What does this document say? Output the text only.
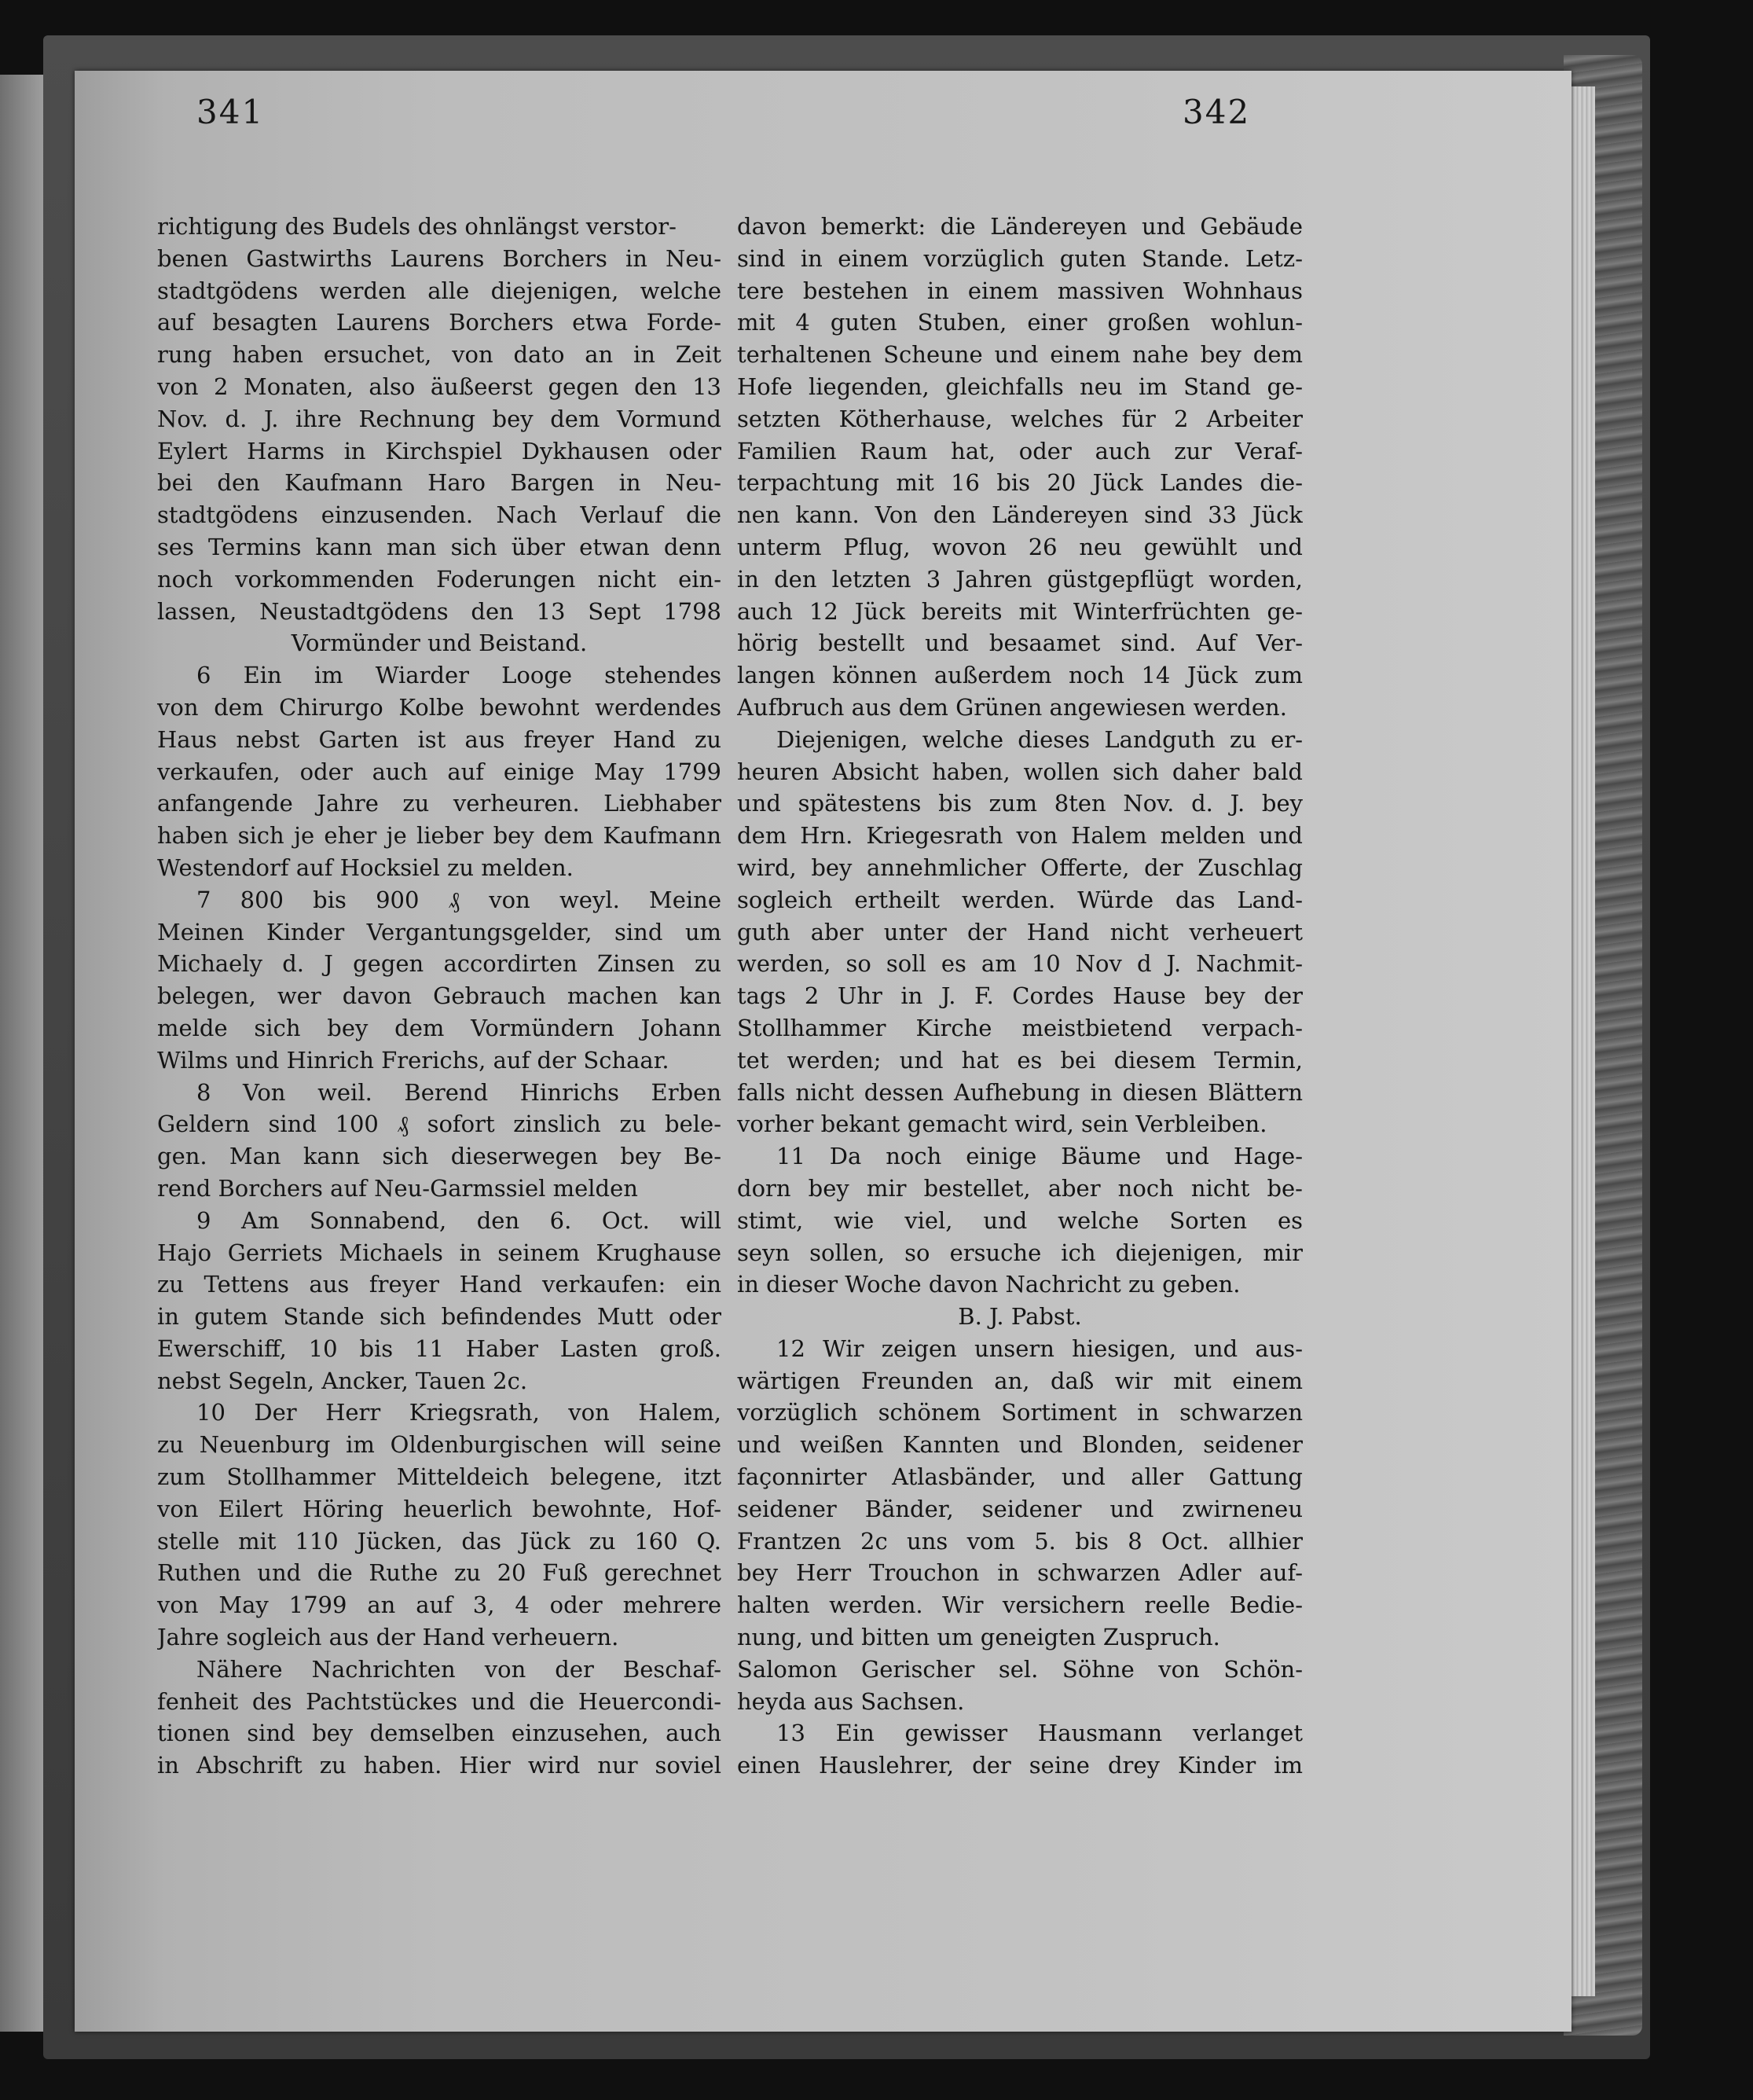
341	342
richtigung des Budels des ohnlängst verstor-
benen Gastwirths Laurens Borchers in Neu-
stadtgödens werden alle diejenigen, welche
auf besagten Laurens Borchers etwa Forde-
rung haben ersuchet, von dato an in Zeit
von 2 Monaten, also äußeerst gegen den 13
Nov. d. J. ihre Rechnung bey dem Vormund
Eylert Harms in Kirchspiel Dykhausen oder
bei den Kaufmann Haro Bargen in Neu-
stadtgödens einzusenden. Nach Verlauf die
ses Termins kann man sich über etwan denn
noch vorkommenden Foderungen nicht ein-
lassen, Neustadtgödens den 13 Sept 1798
Vormünder und Beistand.
6 Ein im Wiarder Looge stehendes
von dem Chirurgo Kolbe bewohnt werdendes
Haus nebst Garten ist aus freyer Hand zu
verkaufen, oder auch auf einige May 1799
anfangende Jahre zu verheuren. Liebhaber
haben sich je eher je lieber bey dem Kaufmann
Westendorf auf Hocksiel zu melden.
7 800 bis 900 ₰ von weyl. Meine
Meinen Kinder Vergantungsgelder, sind um
Michaely d. J gegen accordirten Zinsen zu
belegen, wer davon Gebrauch machen kan
melde sich bey dem Vormündern Johann
Wilms und Hinrich Frerichs, auf der Schaar.
8 Von weil. Berend Hinrichs Erben
Geldern sind 100 ₰ sofort zinslich zu bele-
gen. Man kann sich dieserwegen bey Be-
rend Borchers auf Neu-Garmssiel melden
9 Am Sonnabend, den 6. Oct. will
Hajo Gerriets Michaels in seinem Krughause
zu Tettens aus freyer Hand verkaufen: ein
in gutem Stande sich befindendes Mutt oder
Ewerschiff, 10 bis 11 Haber Lasten groß.
nebst Segeln, Ancker, Tauen 2c.
10 Der Herr Kriegsrath, von Halem,
zu Neuenburg im Oldenburgischen will seine
zum Stollhammer Mitteldeich belegene, itzt
von Eilert Höring heuerlich bewohnte, Hof-
stelle mit 110 Jücken, das Jück zu 160 Q.
Ruthen und die Ruthe zu 20 Fuß gerechnet
von May 1799 an auf 3, 4 oder mehrere
Jahre sogleich aus der Hand verheuern.
Nähere Nachrichten von der Beschaf-
fenheit des Pachtstückes und die Heuercondi-
tionen sind bey demselben einzusehen, auch
in Abschrift zu haben. Hier wird nur soviel
davon bemerkt: die Ländereyen und Gebäude
sind in einem vorzüglich guten Stande. Letz-
tere bestehen in einem massiven Wohnhaus
mit 4 guten Stuben, einer großen wohlun-
terhaltenen Scheune und einem nahe bey dem
Hofe liegenden, gleichfalls neu im Stand ge-
setzten Kötherhause, welches für 2 Arbeiter
Familien Raum hat, oder auch zur Veraf-
terpachtung mit 16 bis 20 Jück Landes die-
nen kann. Von den Ländereyen sind 33 Jück
unterm Pflug, wovon 26 neu gewühlt und
in den letzten 3 Jahren güstgepflügt worden,
auch 12 Jück bereits mit Winterfrüchten ge-
hörig bestellt und besaamet sind. Auf Ver-
langen können außerdem noch 14 Jück zum
Aufbruch aus dem Grünen angewiesen werden.
Diejenigen, welche dieses Landguth zu er-
heuren Absicht haben, wollen sich daher bald
und spätestens bis zum 8ten Nov. d. J. bey
dem Hrn. Kriegesrath von Halem melden und
wird, bey annehmlicher Offerte, der Zuschlag
sogleich ertheilt werden. Würde das Land-
guth aber unter der Hand nicht verheuert
werden, so soll es am 10 Nov d J. Nachmit-
tags 2 Uhr in J. F. Cordes Hause bey der
Stollhammer Kirche meistbietend verpach-
tet werden; und hat es bei diesem Termin,
falls nicht dessen Aufhebung in diesen Blättern
vorher bekant gemacht wird, sein Verbleiben.
11 Da noch einige Bäume und Hage-
dorn bey mir bestellet, aber noch nicht be-
stimt, wie viel, und welche Sorten es
seyn sollen, so ersuche ich diejenigen, mir
in dieser Woche davon Nachricht zu geben.
B. J. Pabst.
12 Wir zeigen unsern hiesigen, und aus-
wärtigen Freunden an, daß wir mit einem
vorzüglich schönem Sortiment in schwarzen
und weißen Kannten und Blonden, seidener
façonnirter Atlasbänder, und aller Gattung
seidener Bänder, seidener und zwirneneu
Frantzen 2c uns vom 5. bis 8 Oct. allhier
bey Herr Trouchon in schwarzen Adler auf-
halten werden. Wir versichern reelle Bedie-
nung, und bitten um geneigten Zuspruch.
Salomon Gerischer sel. Söhne von Schön-
heyda aus Sachsen.
13 Ein gewisser Hausmann verlanget
einen Hauslehrer, der seine drey Kinder im
